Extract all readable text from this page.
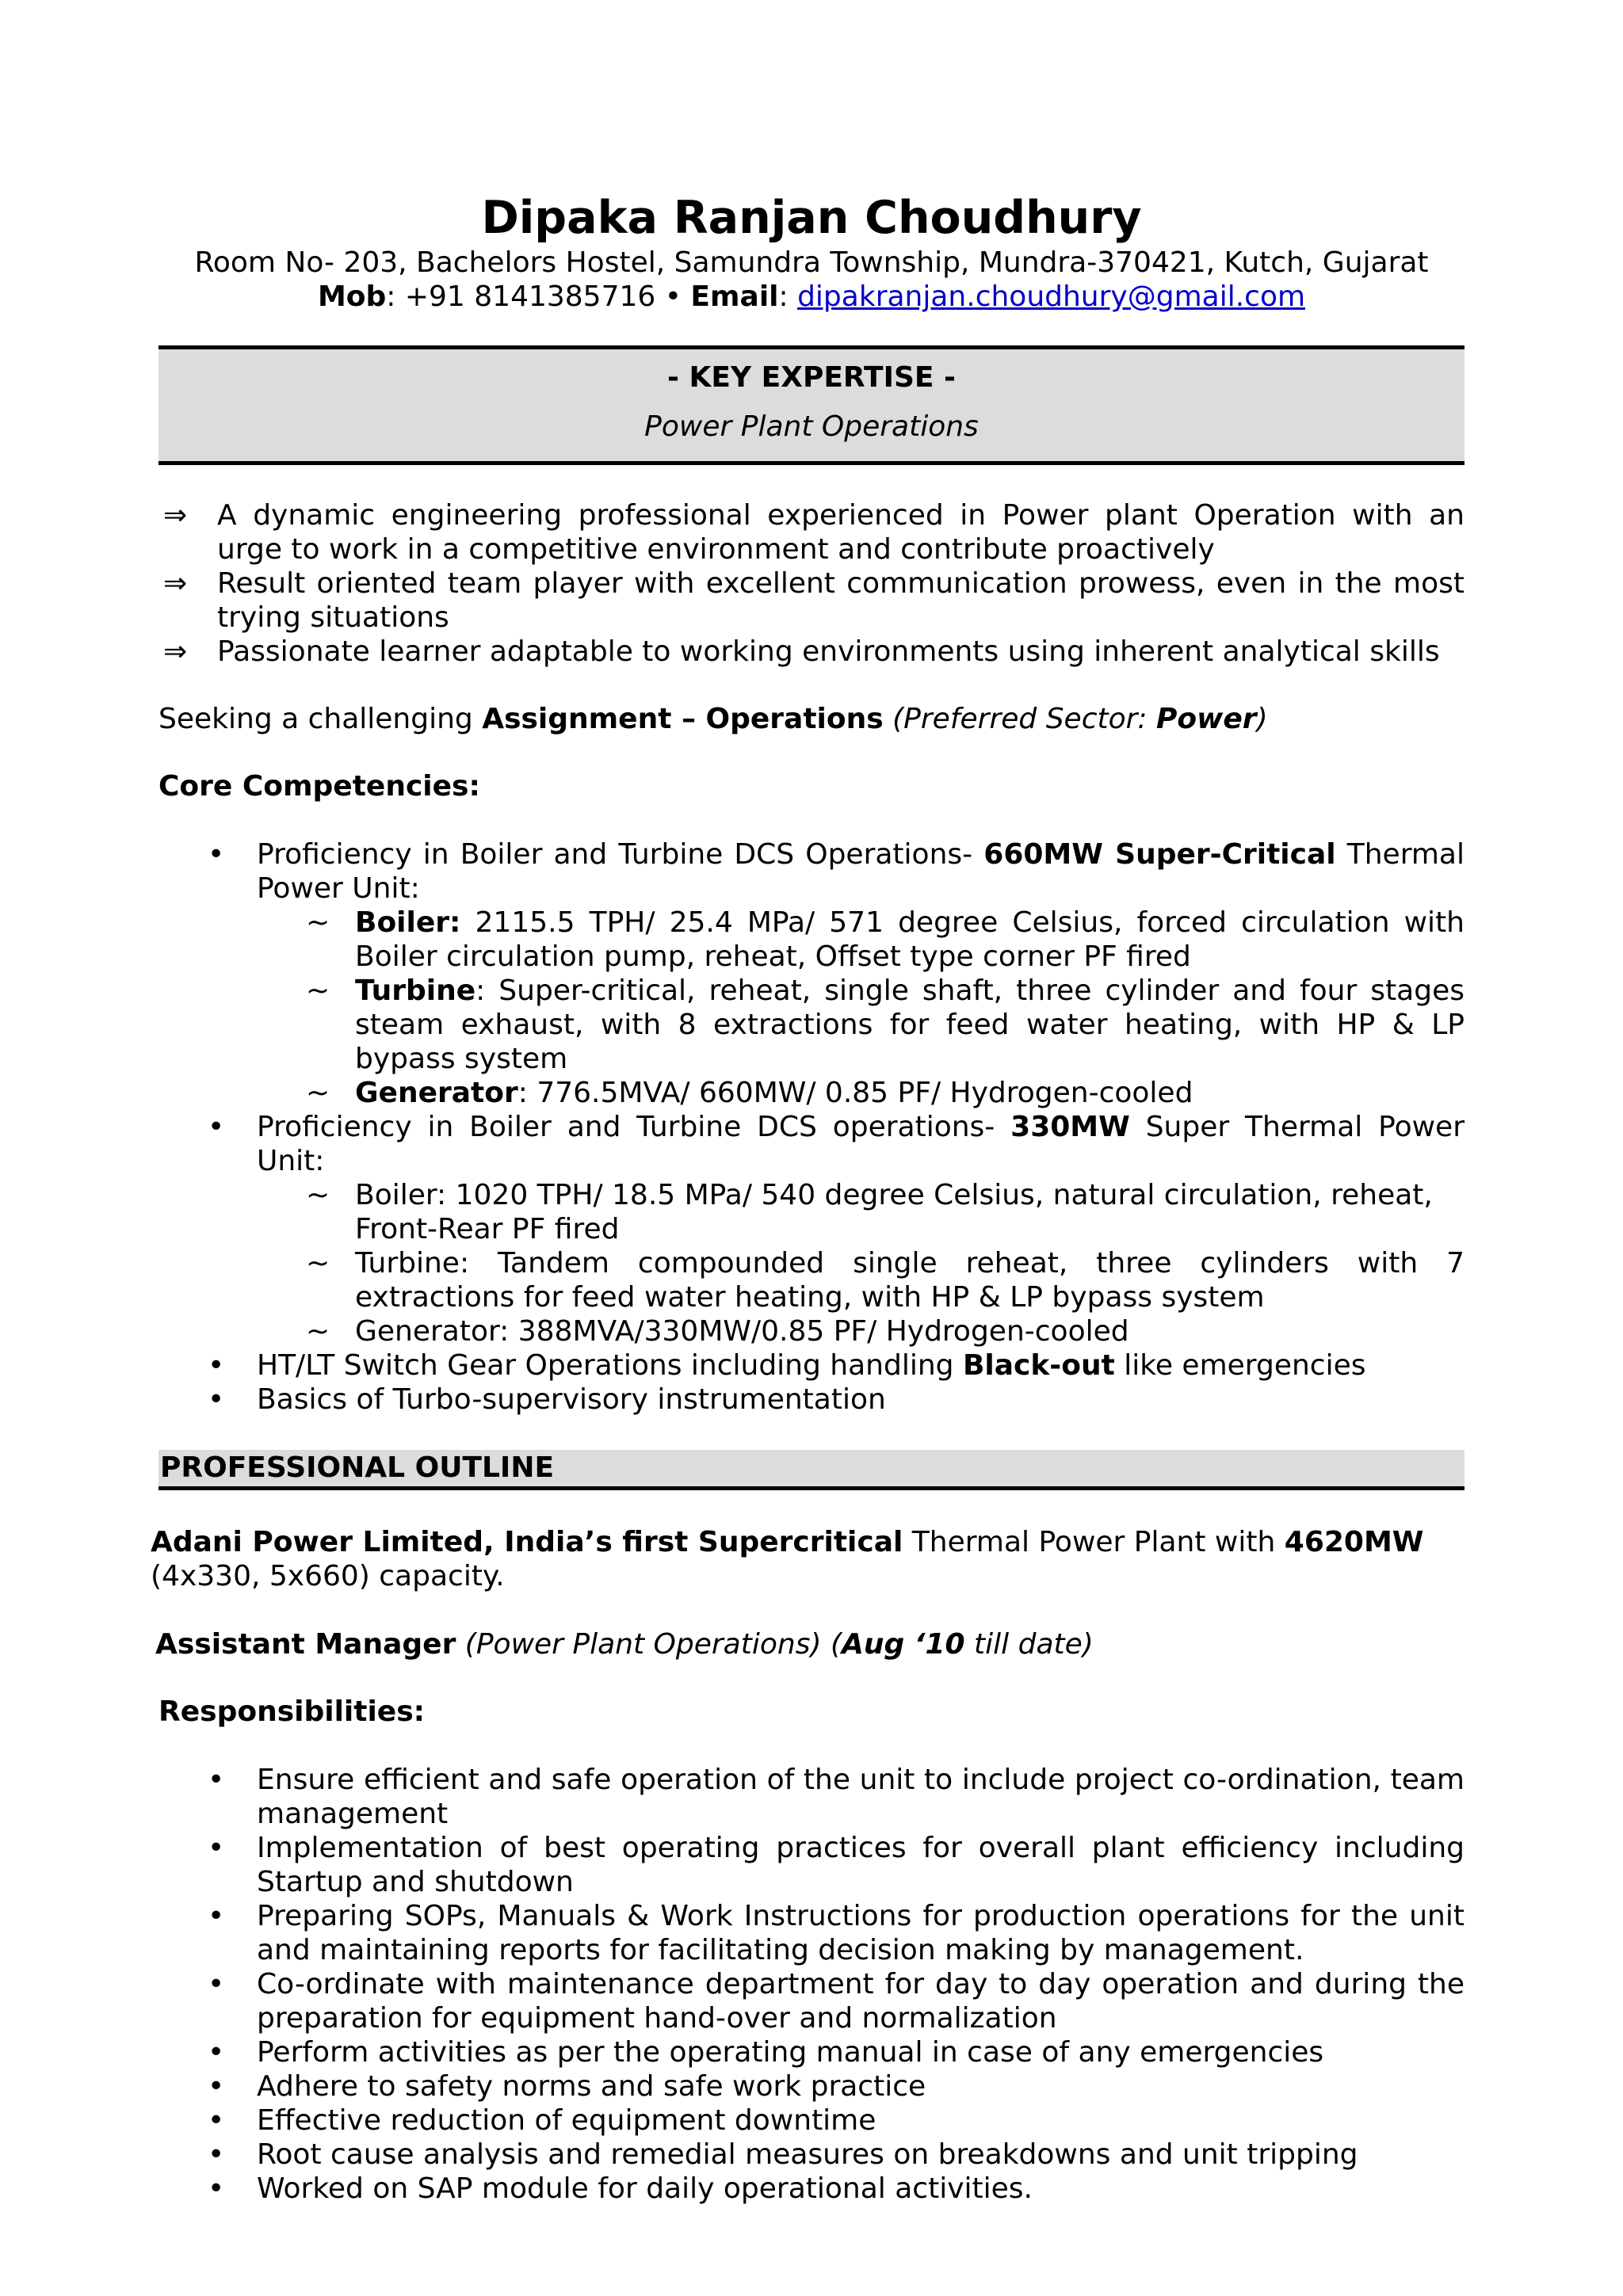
Dipaka Ranjan Choudhury
Room No- 203, Bachelors Hostel, Samundra Township, Mundra-370421, Kutch, Gujarat
Mob: +91 8141385716 • Email: dipakranjan.choudhury@gmail.com
- KEY EXPERTISE -
Power Plant Operations
⇒ A dynamic engineering professional experienced in Power plant Operation with an urge to work in a competitive environment and contribute proactively
⇒ Result oriented team player with excellent communication prowess, even in the most trying situations
⇒ Passionate learner adaptable to working environments using inherent analytical skills
Seeking a challenging Assignment – Operations (Preferred Sector: Power)
Core Competencies:
• Proficiency in Boiler and Turbine DCS Operations- 660MW Super-Critical Thermal Power Unit:
~ Boiler: 2115.5 TPH/ 25.4 MPa/ 571 degree Celsius, forced circulation with Boiler circulation pump, reheat, Offset type corner PF fired
~ Turbine: Super-critical, reheat, single shaft, three cylinder and four stages steam exhaust, with 8 extractions for feed water heating, with HP & LP bypass system
~ Generator: 776.5MVA/ 660MW/ 0.85 PF/ Hydrogen-cooled
• Proficiency in Boiler and Turbine DCS operations- 330MW Super Thermal Power Unit:
~ Boiler: 1020 TPH/ 18.5 MPa/ 540 degree Celsius, natural circulation, reheat, Front-Rear PF fired
~ Turbine: Tandem compounded single reheat, three cylinders with 7 extractions for feed water heating, with HP & LP bypass system
~ Generator: 388MVA/330MW/0.85 PF/ Hydrogen-cooled
• HT/LT Switch Gear Operations including handling Black-out like emergencies
• Basics of Turbo-supervisory instrumentation
PROFESSIONAL OUTLINE
Adani Power Limited, India’s first Supercritical Thermal Power Plant with 4620MW (4x330, 5x660) capacity.
Assistant Manager (Power Plant Operations) (Aug ‘10 till date)
Responsibilities:
• Ensure efficient and safe operation of the unit to include project co-ordination, team management
• Implementation of best operating practices for overall plant efficiency including Startup and shutdown
• Preparing SOPs, Manuals & Work Instructions for production operations for the unit and maintaining reports for facilitating decision making by management.
• Co-ordinate with maintenance department for day to day operation and during the preparation for equipment hand-over and normalization
• Perform activities as per the operating manual in case of any emergencies
• Adhere to safety norms and safe work practice
• Effective reduction of equipment downtime
• Root cause analysis and remedial measures on breakdowns and unit tripping
• Worked on SAP module for daily operational activities.
